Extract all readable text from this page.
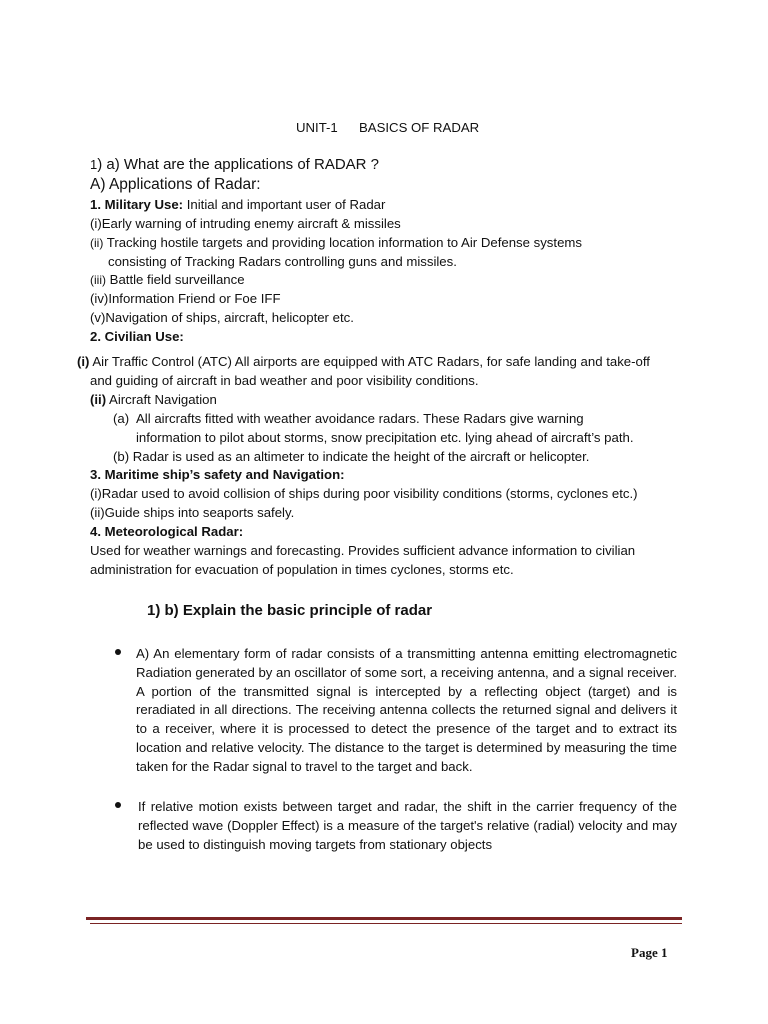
UNIT-1 BASICS OF RADAR
1) a) What are the applications of RADAR ?
A) Applications of Radar:
1. Military Use: Initial and important user of Radar
(i)Early warning of intruding enemy aircraft & missiles
(ii) Tracking hostile targets and providing location information to Air Defense systems
consisting of Tracking Radars controlling guns and missiles.
(iii) Battle field surveillance
(iv)Information Friend or Foe IFF
(v)Navigation of ships, aircraft, helicopter etc.
2. Civilian Use:
(i) Air Traffic Control (ATC) All airports are equipped with ATC Radars, for safe landing and take-off
and guiding of aircraft in bad weather and poor visibility conditions.
(ii) Aircraft Navigation
(a) All aircrafts fitted with weather avoidance radars. These Radars give warning
information to pilot about storms, snow precipitation etc. lying ahead of aircraft’s path.
(b) Radar is used as an altimeter to indicate the height of the aircraft or helicopter.
3. Maritime ship’s safety and Navigation:
(i)Radar used to avoid collision of ships during poor visibility conditions (storms, cyclones etc.)
(ii)Guide ships into seaports safely.
4. Meteorological Radar:
Used for weather warnings and forecasting. Provides sufficient advance information to civilian
administration for evacuation of population in times cyclones, storms etc.
1) b) Explain the basic principle of radar
A) An elementary form of radar consists of a transmitting antenna emitting electromagnetic Radiation generated by an oscillator of some sort, a receiving antenna, and a signal receiver. A portion of the transmitted signal is intercepted by a reflecting object (target) and is reradiated in all directions. The receiving antenna collects the returned signal and delivers it to a receiver, where it is processed to detect the presence of the target and to extract its location and relative velocity. The distance to the target is determined by measuring the time taken for the Radar signal to travel to the target and back.
If relative motion exists between target and radar, the shift in the carrier frequency of the reflected wave (Doppler Effect) is a measure of the target's relative (radial) velocity and may be used to distinguish moving targets from stationary objects
Page 1
